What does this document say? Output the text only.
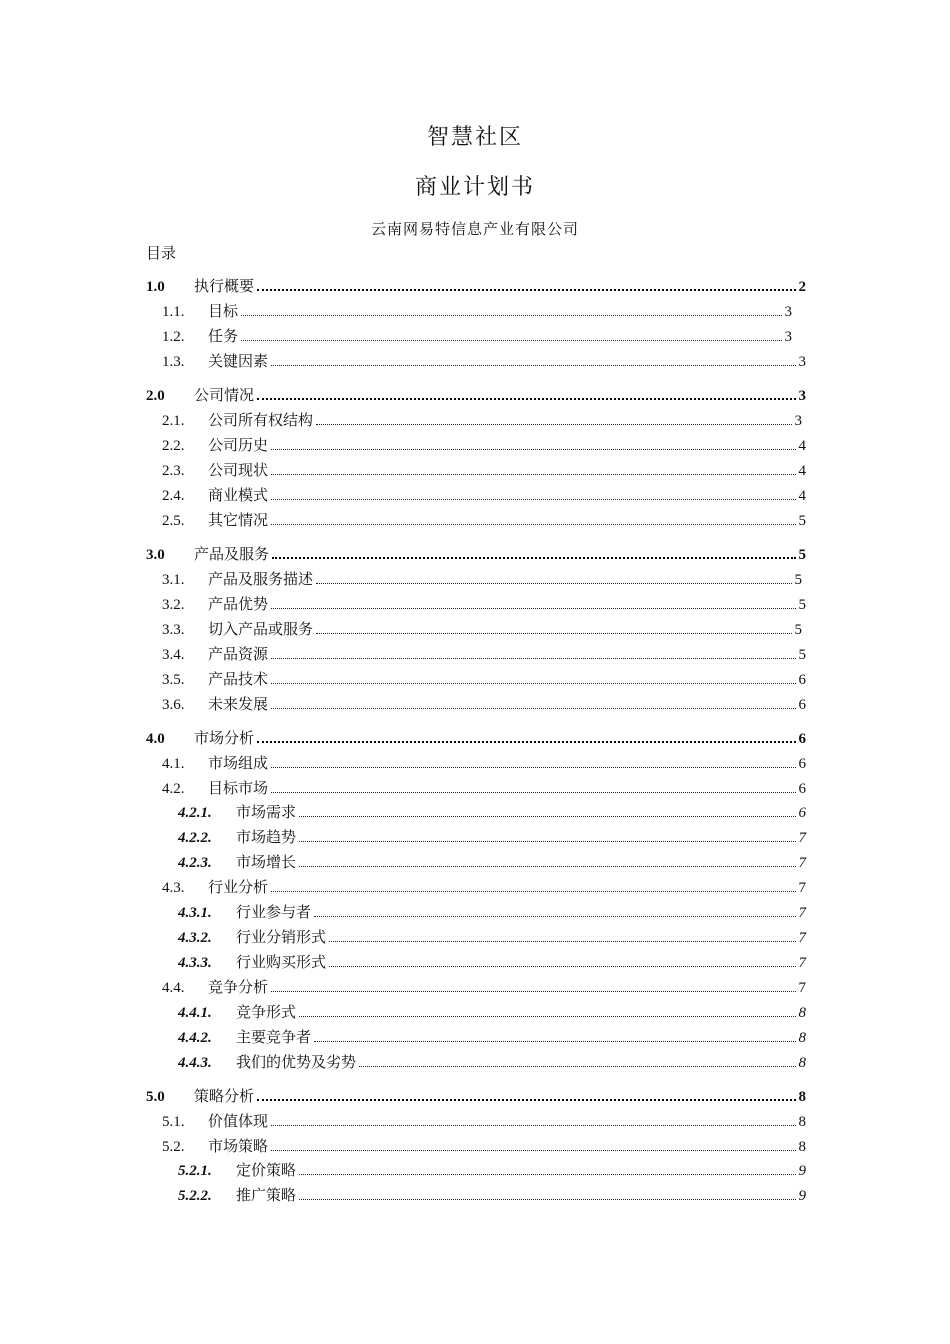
智慧社区
商业计划书
云南网易特信息产业有限公司
目录
1.0	执行概要	2
1.1.	目标	3
1.2.	任务	3
1.3.	关键因素	3
2.0	公司情况	3
2.1.	公司所有权结构	3
2.2.	公司历史	4
2.3.	公司现状	4
2.4.	商业模式	4
2.5.	其它情况	5
3.0	产品及服务	5
3.1.	产品及服务描述	5
3.2.	产品优势	5
3.3.	切入产品或服务	5
3.4.	产品资源	5
3.5.	产品技术	6
3.6.	未来发展	6
4.0	市场分析	6
4.1.	市场组成	6
4.2.	目标市场	6
4.2.1.	市场需求	6
4.2.2.	市场趋势	7
4.2.3.	市场增长	7
4.3.	行业分析	7
4.3.1.	行业参与者	7
4.3.2.	行业分销形式	7
4.3.3.	行业购买形式	7
4.4.	竞争分析	7
4.4.1.	竞争形式	8
4.4.2.	主要竞争者	8
4.4.3.	我们的优势及劣势	8
5.0	策略分析	8
5.1.	价值体现	8
5.2.	市场策略	8
5.2.1.	定价策略	9
5.2.2.	推广策略	9
